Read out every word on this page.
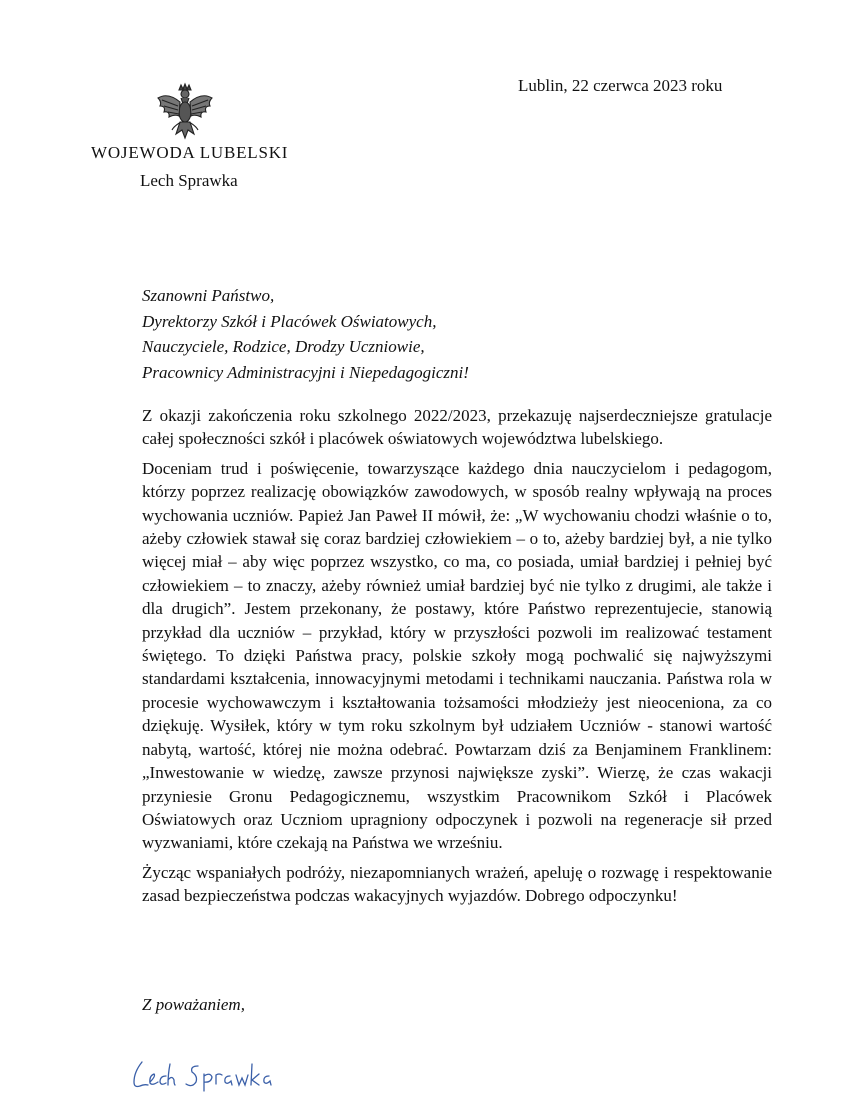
Lublin, 22 czerwca 2023 roku
WOJEWODA LUBELSKI
Lech Sprawka
Szanowni Państwo,
Dyrektorzy Szkół i Placówek Oświatowych,
Nauczyciele, Rodzice, Drodzy Uczniowie,
Pracownicy Administracyjni i Niepedagogiczni!

Z okazji zakończenia roku szkolnego 2022/2023, przekazuję najserdeczniejsze gratulacje całej społeczności szkół i placówek oświatowych województwa lubelskiego.

Doceniam trud i poświęcenie, towarzyszące każdego dnia nauczycielom i pedagogom, którzy poprzez realizację obowiązków zawodowych, w sposób realny wpływają na proces wychowania uczniów. Papież Jan Paweł II mówił, że: „W wychowaniu chodzi właśnie o to, ażeby człowiek stawał się coraz bardziej człowiekiem – o to, ażeby bardziej był, a nie tylko więcej miał – aby więc poprzez wszystko, co ma, co posiada, umiał bardziej i pełniej być człowiekiem – to znaczy, ażeby również umiał bardziej być nie tylko z drugimi, ale także i dla drugich”. Jestem przekonany, że postawy, które Państwo reprezentujecie, stanowią przykład dla uczniów – przykład, który w przyszłości pozwoli im realizować testament świętego. To dzięki Państwa pracy, polskie szkoły mogą pochwalić się najwyższymi standardami kształcenia, innowacyjnymi metodami i technikami nauczania. Państwa rola w procesie wychowawczym i kształtowania tożsamości młodzieży jest nieoceniona, za co dziękuję. Wysiłek, który w tym roku szkolnym był udziałem Uczniów - stanowi wartość nabytą, wartość, której nie można odebrać. Powtarzam dziś za Benjaminem Franklinem: „Inwestowanie w wiedzę, zawsze przynosi największe zyski”. Wierzę, że czas wakacji przyniesie Gronu Pedagogicznemu, wszystkim Pracownikom Szkół i Placówek Oświatowych oraz Uczniom upragniony odpoczynek i pozwoli na regeneracje sił przed wyzwaniami, które czekają na Państwa we wrześniu.

Życząc wspaniałych podróży, niezapomnianych wrażeń, apeluję o rozwagę i respektowanie zasad bezpieczeństwa podczas wakacyjnych wyjazdów. Dobrego odpoczynku!

Z poważaniem,
